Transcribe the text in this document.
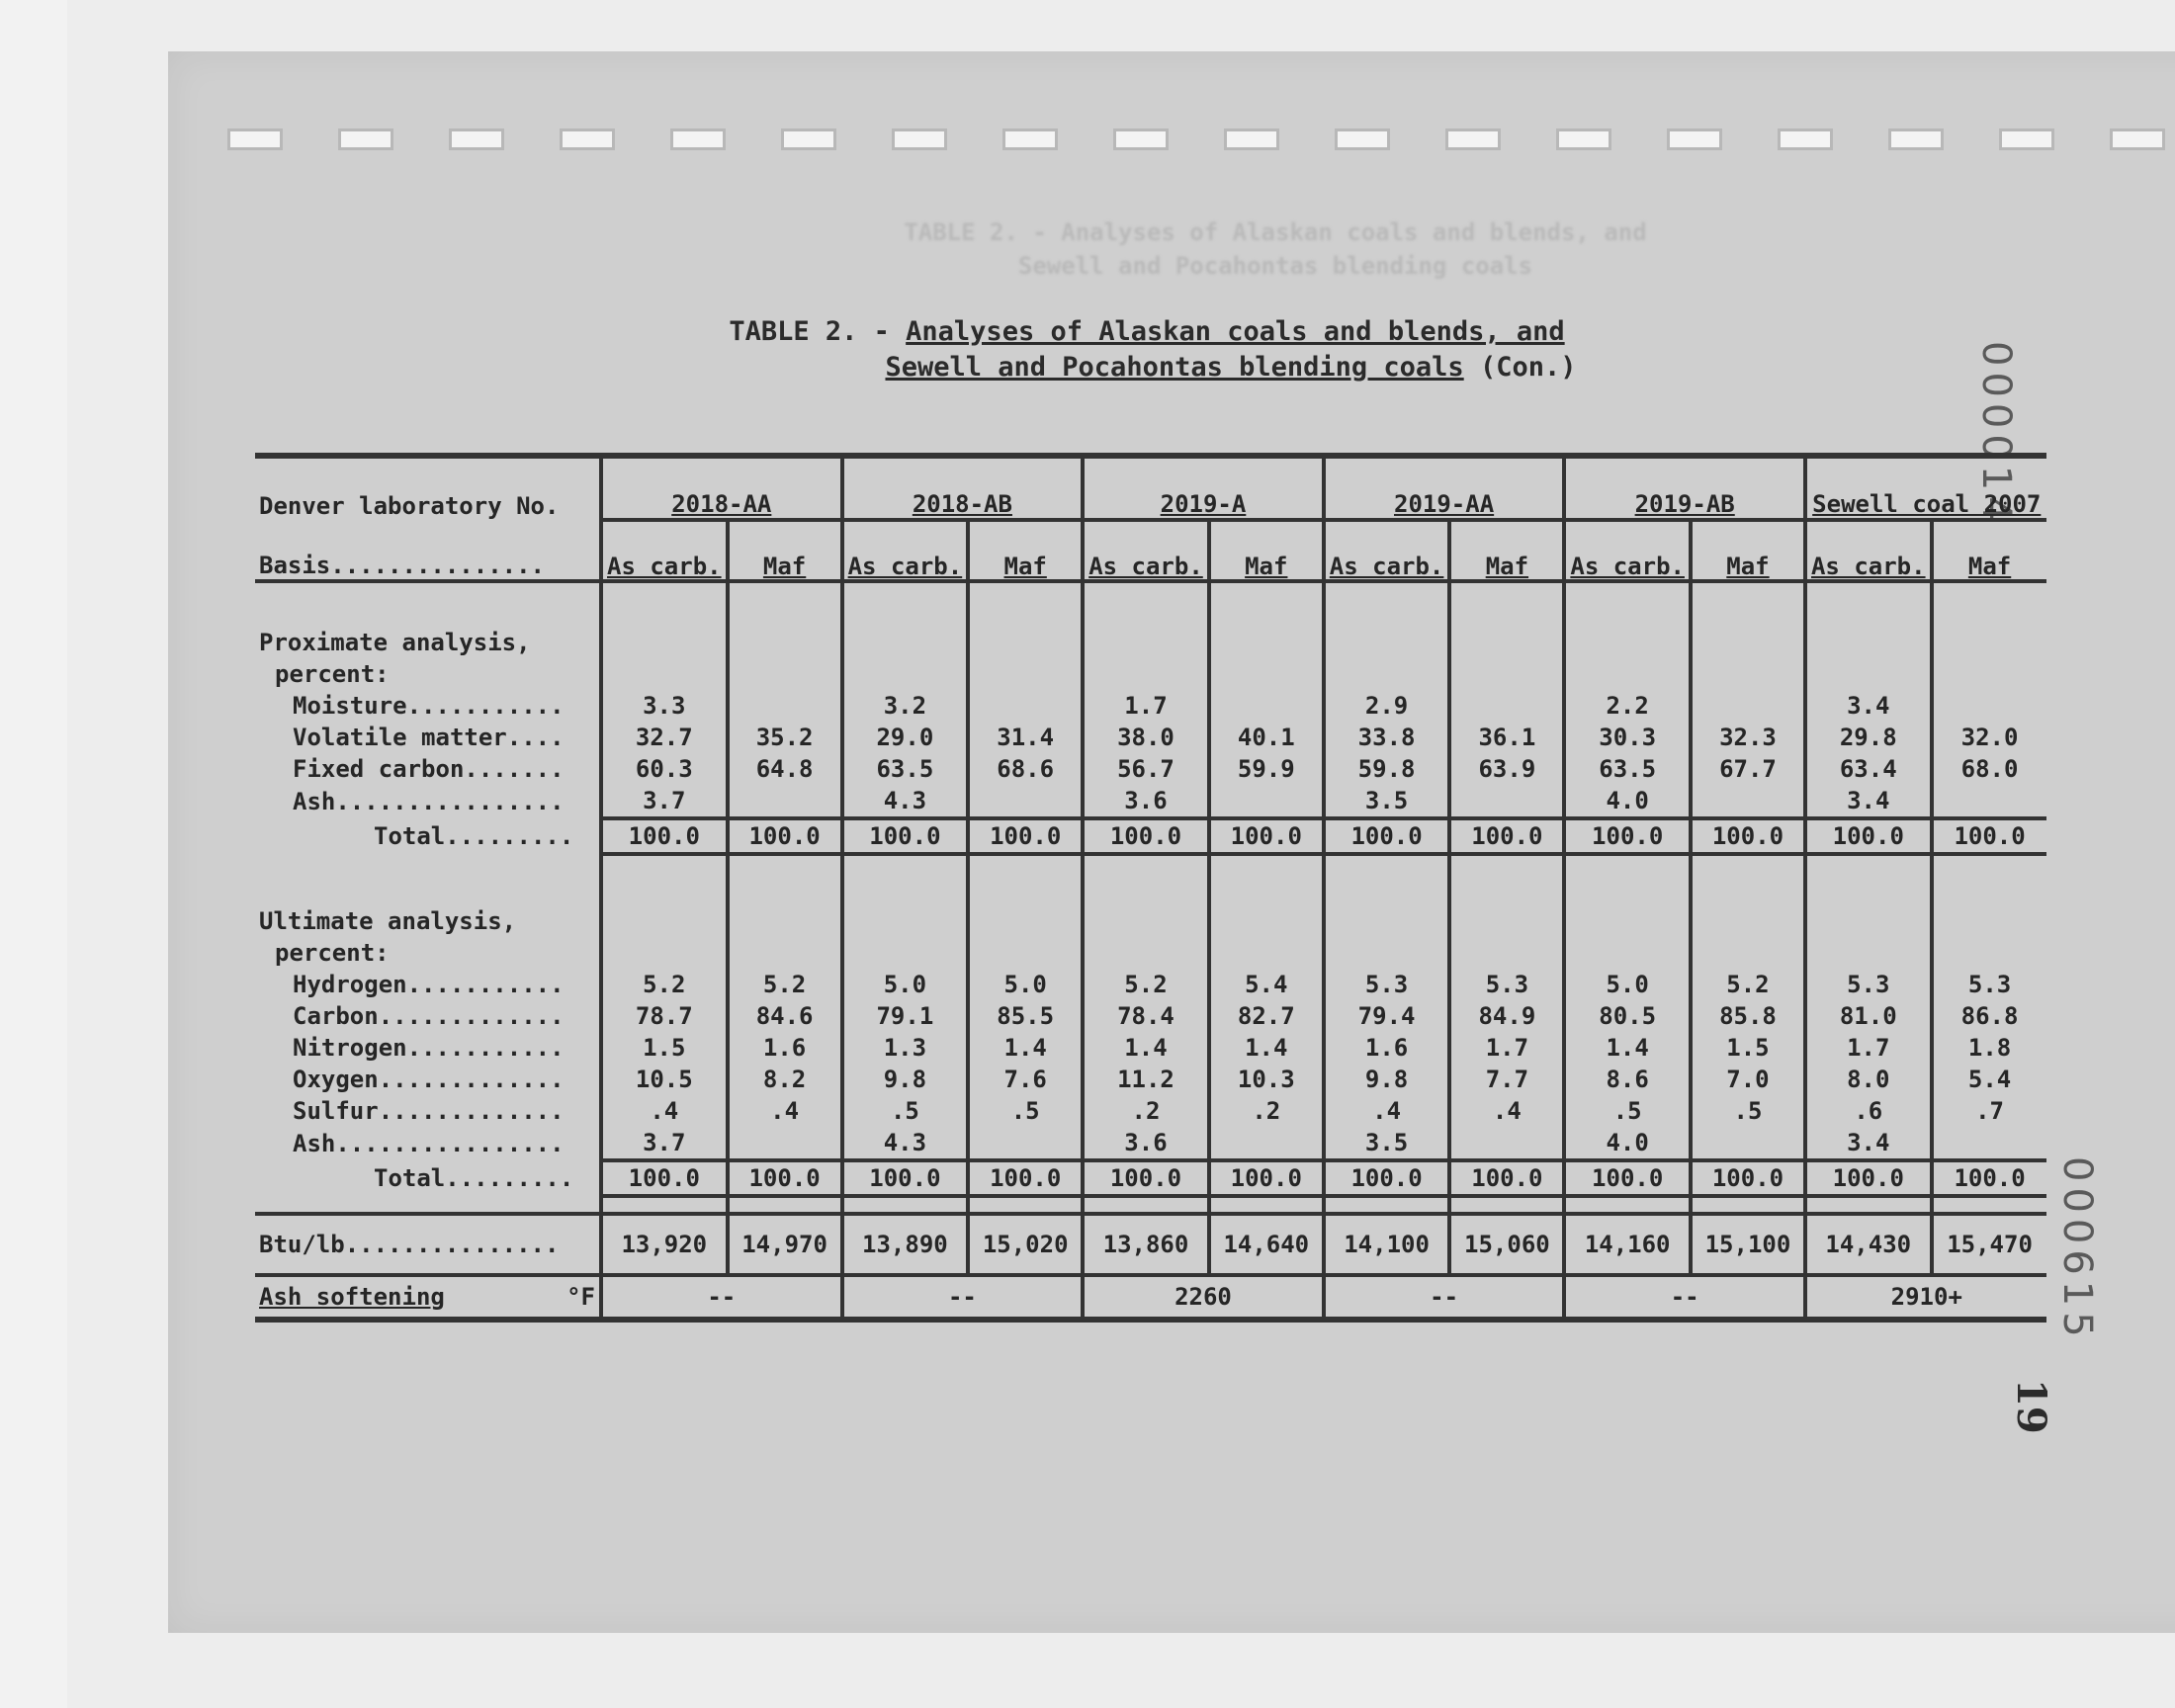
TABLE 2. - Analyses of Alaskan coals and blends, and
Sewell and Pocahontas blending coals
TABLE 2. - Analyses of Alaskan coals and blends, and
Sewell and Pocahontas blending coals (Con.)	000014
000615
19
Denver laboratory No.	2018-AA		2018-AB		2019-A		2019-AA		2019-AB		Sewell coal 2007	
Basis...............	As carb.	Maf	As carb.	Maf	As carb.	Maf	As carb.	Maf	As carb.	Maf	As carb.	Maf

Proximate analysis,												
percent:												
Moisture...........	3.3		3.2		1.7		2.9		2.2		3.4	
Volatile matter....	32.7	35.2	29.0	31.4	38.0	40.1	33.8	36.1	30.3	32.3	29.8	32.0
Fixed carbon.......	60.3	64.8	63.5	68.6	56.7	59.9	59.8	63.9	63.5	67.7	63.4	68.0
Ash................	3.7		4.3		3.6		3.5		4.0		3.4	
Total.........	100.0	100.0	100.0	100.0	100.0	100.0	100.0	100.0	100.0	100.0	100.0	100.0

Ultimate analysis,												
percent:												
Hydrogen...........	5.2	5.2	5.0	5.0	5.2	5.4	5.3	5.3	5.0	5.2	5.3	5.3
Carbon.............	78.7	84.6	79.1	85.5	78.4	82.7	79.4	84.9	80.5	85.8	81.0	86.8
Nitrogen...........	1.5	1.6	1.3	1.4	1.4	1.4	1.6	1.7	1.4	1.5	1.7	1.8
Oxygen.............	10.5	8.2	9.8	7.6	11.2	10.3	9.8	7.7	8.6	7.0	8.0	5.4
Sulfur.............	.4	.4	.5	.5	.2	.2	.4	.4	.5	.5	.6	.7
Ash................	3.7		4.3		3.6		3.5		4.0		3.4	
Total.........	100.0	100.0	100.0	100.0	100.0	100.0	100.0	100.0	100.0	100.0	100.0	100.0

Btu/lb...............	13,920	14,970	13,890	15,020	13,860	14,640	14,100	15,060	14,160	15,100	14,430	15,470
Ash softening °F	--		--		2260		--		--		2910+	
